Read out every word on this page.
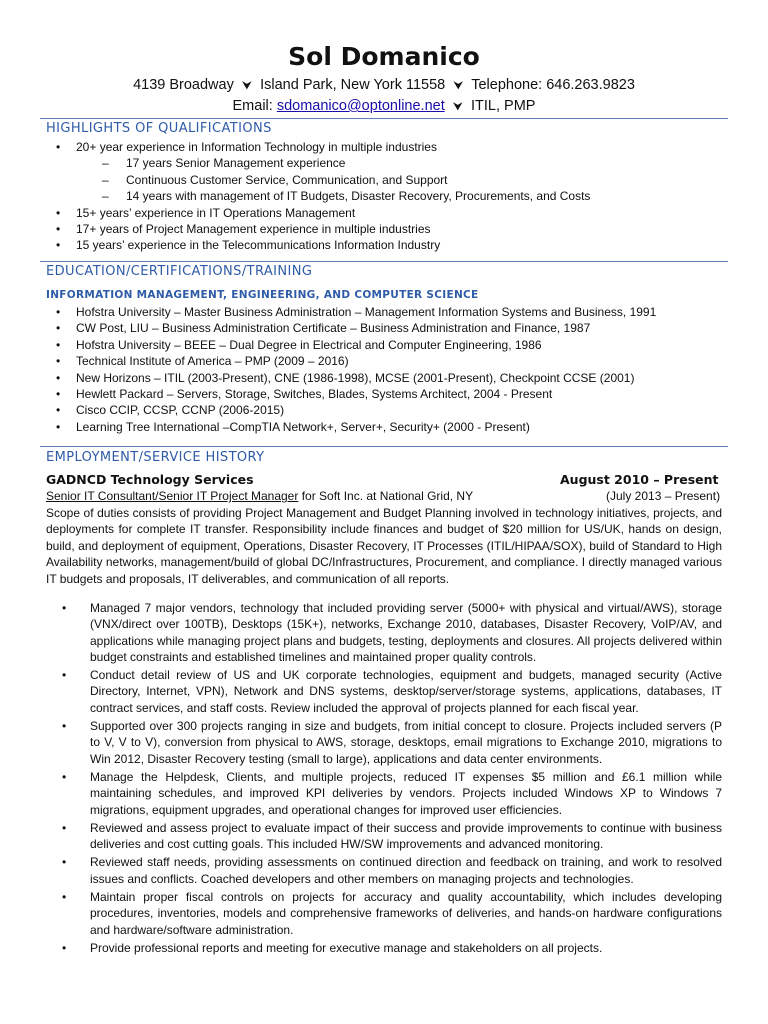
Sol Domanico
4139 Broadway ⮟ Island Park, New York 11558 ⮟ Telephone: 646.263.9823
Email: sdomanico@optonline.net ⮟ ITIL, PMP
HIGHLIGHTS OF QUALIFICATIONS
• 20+ year experience in Information Technology in multiple industries
– 17 years Senior Management experience
– Continuous Customer Service, Communication, and Support
– 14 years with management of IT Budgets, Disaster Recovery, Procurements, and Costs
• 15+ years’ experience in IT Operations Management
• 17+ years of Project Management experience in multiple industries
• 15 years’ experience in the Telecommunications Information Industry
EDUCATION/CERTIFICATIONS/TRAINING
INFORMATION MANAGEMENT, ENGINEERING, AND COMPUTER SCIENCE
• Hofstra University – Master Business Administration – Management Information Systems and Business, 1991
• CW Post, LIU – Business Administration Certificate – Business Administration and Finance, 1987
• Hofstra University – BEEE – Dual Degree in Electrical and Computer Engineering, 1986
• Technical Institute of America – PMP (2009 – 2016)
• New Horizons – ITIL (2003-Present), CNE (1986-1998), MCSE (2001-Present), Checkpoint CCSE (2001)
• Hewlett Packard – Servers, Storage, Switches, Blades, Systems Architect, 2004 - Present
• Cisco CCIP, CCSP, CCNP (2006-2015)
• Learning Tree International –CompTIA Network+, Server+, Security+ (2000 - Present)
EMPLOYMENT/SERVICE HISTORY
GADNCD Technology Services	August 2010 – Present
Senior IT Consultant/Senior IT Project Manager for Soft Inc. at National Grid, NY	(July 2013 – Present)
Scope of duties consists of providing Project Management and Budget Planning involved in technology initiatives, projects, and deployments for complete IT transfer. Responsibility include finances and budget of $20 million for US/UK, hands on design, build, and deployment of equipment, Operations, Disaster Recovery, IT Processes (ITIL/HIPAA/SOX), build of Standard to High Availability networks, management/build of global DC/Infrastructures, Procurement, and compliance. I directly managed various IT budgets and proposals, IT deliverables, and communication of all reports.
• Managed 7 major vendors, technology that included providing server (5000+ with physical and virtual/AWS), storage (VNX/direct over 100TB), Desktops (15K+), networks, Exchange 2010, databases, Disaster Recovery, VoIP/AV, and applications while managing project plans and budgets, testing, deployments and closures. All projects delivered within budget constraints and established timelines and maintained proper quality controls.
• Conduct detail review of US and UK corporate technologies, equipment and budgets, managed security (Active Directory, Internet, VPN), Network and DNS systems, desktop/server/storage systems, applications, databases, IT contract services, and staff costs. Review included the approval of projects planned for each fiscal year.
• Supported over 300 projects ranging in size and budgets, from initial concept to closure. Projects included servers (P to V, V to V), conversion from physical to AWS, storage, desktops, email migrations to Exchange 2010, migrations to Win 2012, Disaster Recovery testing (small to large), applications and data center environments.
• Manage the Helpdesk, Clients, and multiple projects, reduced IT expenses $5 million and £6.1 million while maintaining schedules, and improved KPI deliveries by vendors. Projects included Windows XP to Windows 7 migrations, equipment upgrades, and operational changes for improved user efficiencies.
• Reviewed and assess project to evaluate impact of their success and provide improvements to continue with business deliveries and cost cutting goals. This included HW/SW improvements and advanced monitoring.
• Reviewed staff needs, providing assessments on continued direction and feedback on training, and work to resolved issues and conflicts. Coached developers and other members on managing projects and technologies.
• Maintain proper fiscal controls on projects for accuracy and quality accountability, which includes developing procedures, inventories, models and comprehensive frameworks of deliveries, and hands-on hardware configurations and hardware/software administration.
• Provide professional reports and meeting for executive manage and stakeholders on all projects.
